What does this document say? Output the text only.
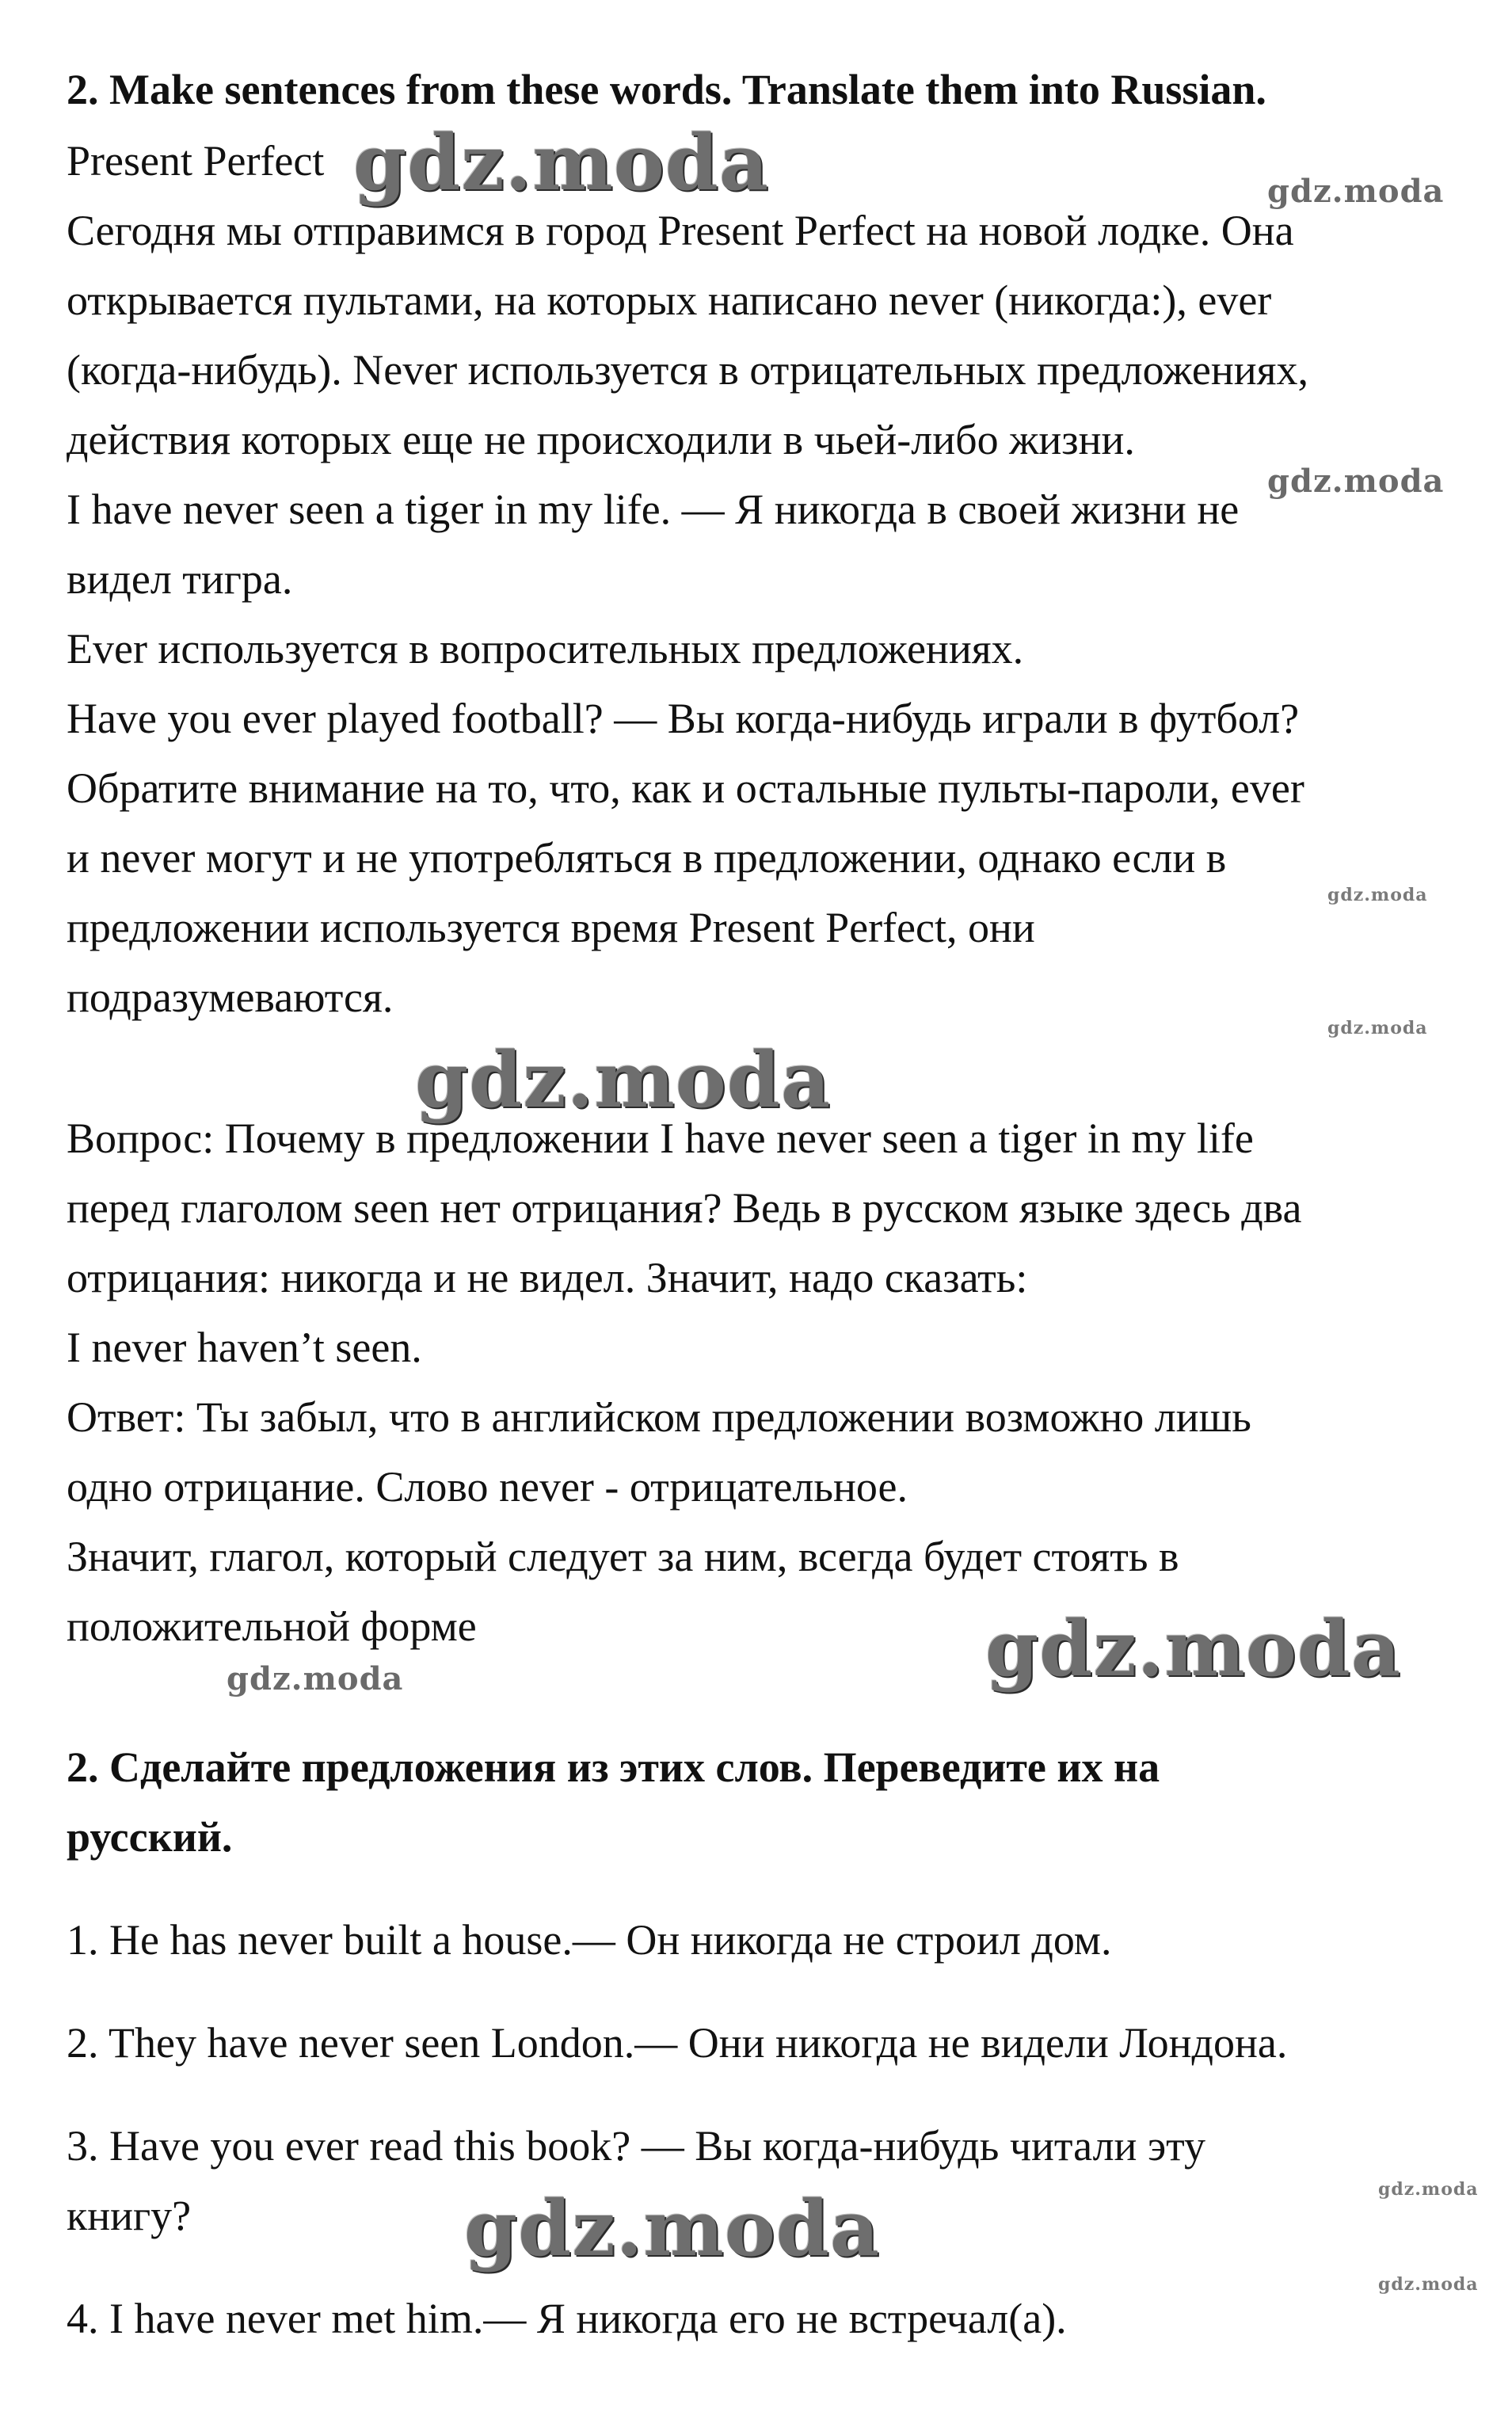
2. Make sentences from these words. Translate them into Russian.
Present Perfect
Сегодня мы отправимся в город Present Perfect на новой лодке. Она
открывается пультами, на которых написано never (никогда:), ever
(когда-нибудь). Never используется в отрицательных предложениях,
действия которых еще не происходили в чьей-либо жизни.
I have never seen a tiger in my life. — Я никогда в своей жизни не
видел тигра.
Ever используется в вопросительных предложениях.
Have you ever played football? — Вы когда-нибудь играли в футбол?
Обратите внимание на то, что, как и остальные пульты-пароли, ever
и never могут и не употребляться в предложении, однако если в
предложении используется время Present Perfect, они
подразумеваются.
Вопрос: Почему в предложении I have never seen a tiger in my life
перед глаголом seen нет отрицания? Ведь в русском языке здесь два
отрицания: никогда и не видел. Значит, надо сказать:
I never haven’t seen.
Ответ: Ты забыл, что в английском предложении возможно лишь
одно отрицание. Слово never - отрицательное.
Значит, глагол, который следует за ним, всегда будет стоять в
положительной форме
2. Сделайте предложения из этих слов. Переведите их на
русский.
1. He has never built a house.— Он никогда не строил дом.
2. They have never seen London.— Они никогда не видели Лондона.
3. Have you ever read this book? — Вы когда-нибудь читали эту
книгу?
4. I have never met him.— Я никогда его не встречал(а).
gdz.moda	gdz.moda
gdz.moda
gdz.moda
gdz.moda
gdz.moda
gdz.moda
gdz.moda
gdz.moda
gdz.moda
gdz.moda
